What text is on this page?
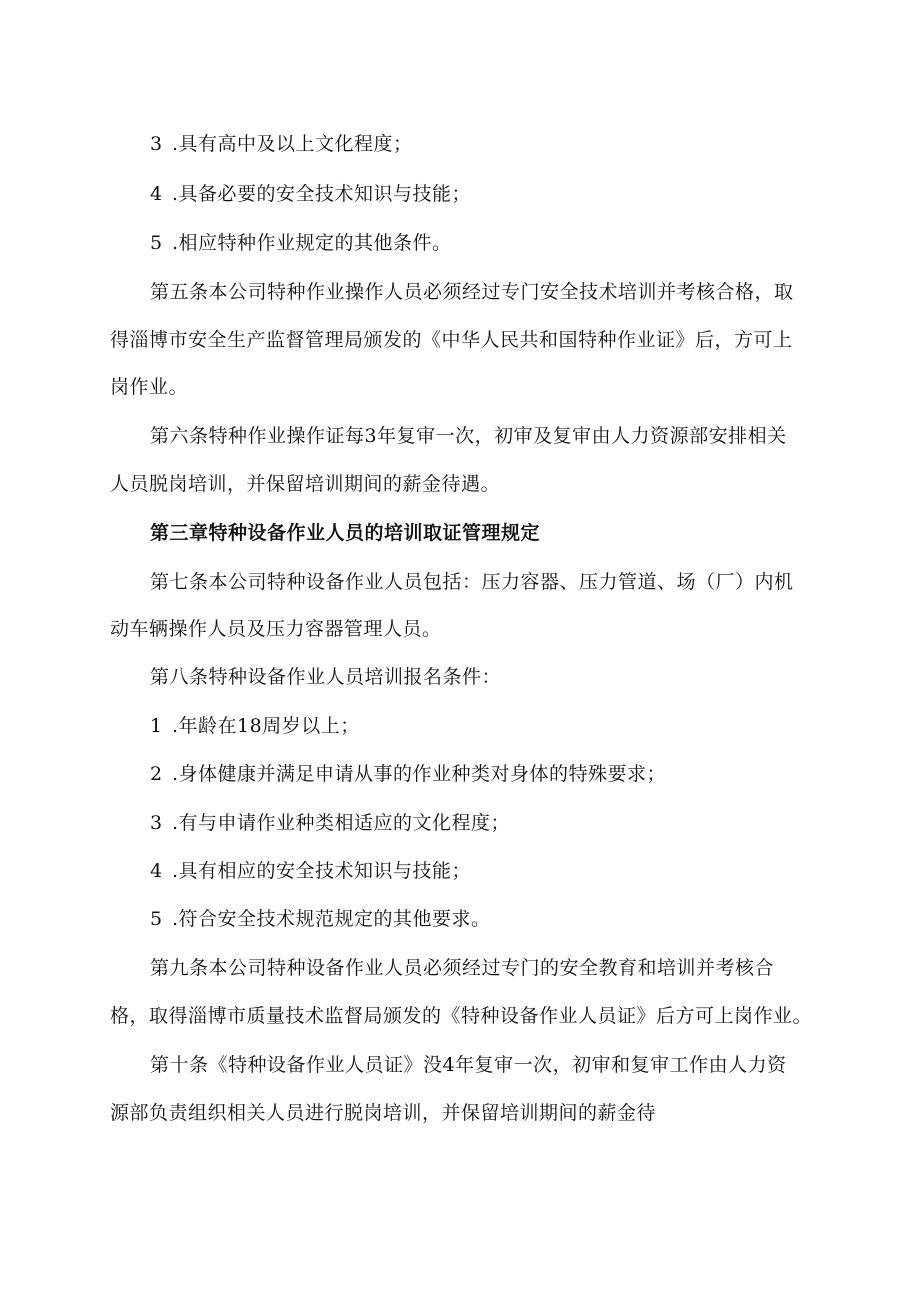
3 .具有高中及以上文化程度；
4 .具备必要的安全技术知识与技能；
5 .相应特种作业规定的其他条件。
第五条本公司特种作业操作人员必须经过专门安全技术培训并考核合格，取
得淄博市安全生产监督管理局颁发的《中华人民共和国特种作业证》后，方可上
岗作业。
第六条特种作业操作证每3年复审一次，初审及复审由人力资源部安排相关
人员脱岗培训，并保留培训期间的薪金待遇。
第三章特种设备作业人员的培训取证管理规定
第七条本公司特种设备作业人员包括：压力容器、压力管道、场（厂）内机
动车辆操作人员及压力容器管理人员。
第八条特种设备作业人员培训报名条件：
1 .年龄在18周岁以上；
2 .身体健康并满足申请从事的作业种类对身体的特殊要求；
3 .有与申请作业种类相适应的文化程度；
4 .具有相应的安全技术知识与技能；
5 .符合安全技术规范规定的其他要求。
第九条本公司特种设备作业人员必须经过专门的安全教育和培训并考核合
格，取得淄博市质量技术监督局颁发的《特种设备作业人员证》后方可上岗作业。
第十条《特种设备作业人员证》没4年复审一次，初审和复审工作由人力资
源部负责组织相关人员进行脱岗培训，并保留培训期间的薪金待
